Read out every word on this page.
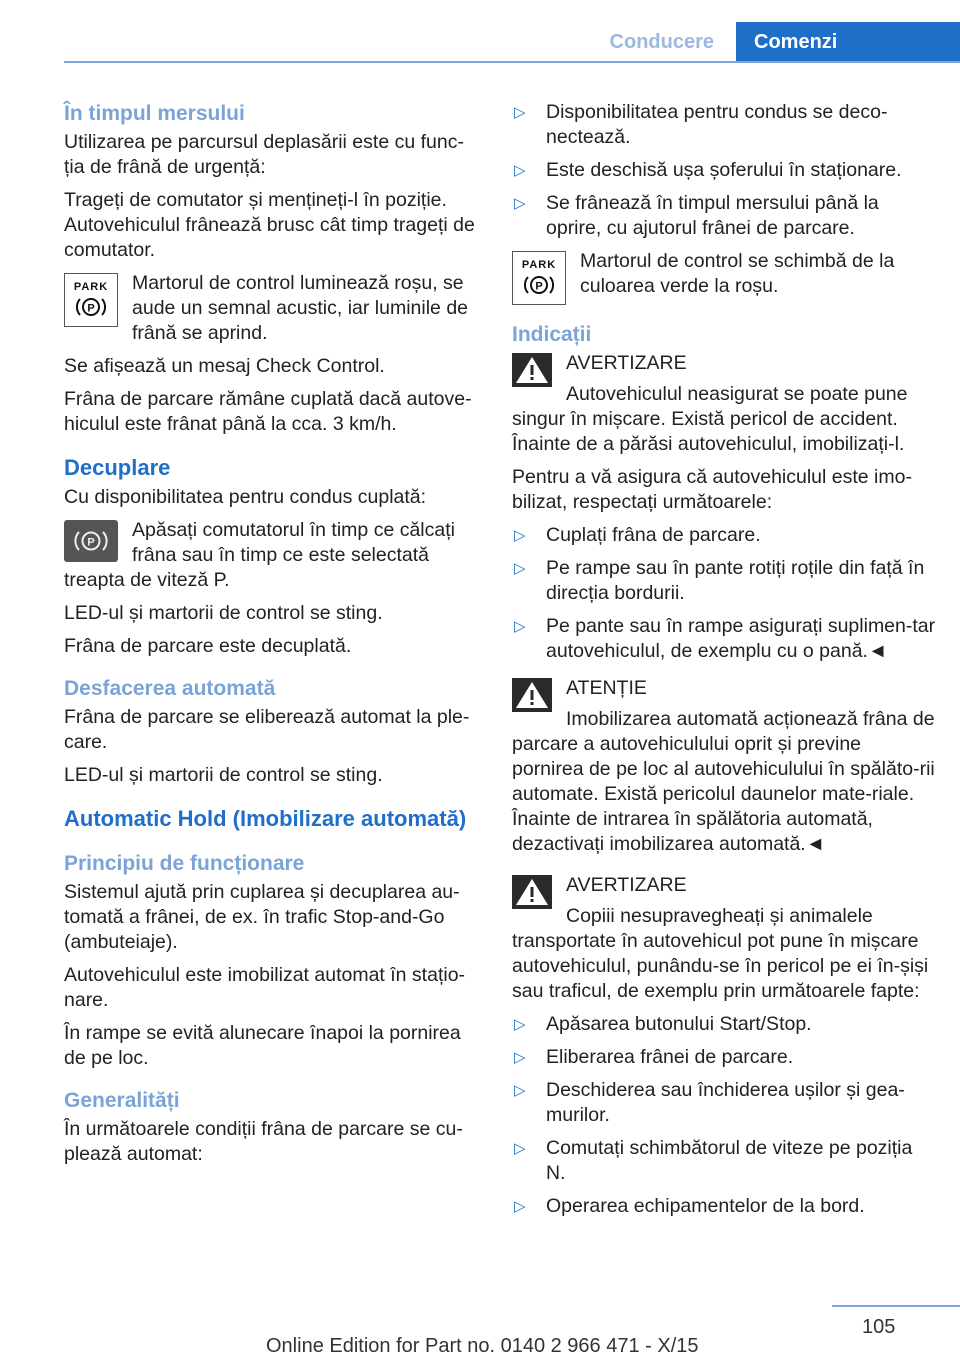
Conducere	Comenzi
În timpul mersului

Utilizarea pe parcursul deplasării este cu func-ția de frână de urgență:

Trageți de comutator și mențineți-l în poziție. Autovehiculul frânează brusc cât timp trageți de comutator.

PARK
P
Martorul de control luminează roșu, se aude un semnal acustic, iar luminile de frână se aprind.

Se afișează un mesaj Check Control.

Frâna de parcare rămâne cuplată dacă autove-hiculul este frânat până la cca. 3 km/h.

Decuplare

Cu disponibilitatea pentru condus cuplată:

P

Apăsați comutatorul în timp ce călcați frâna sau în timp ce este selectată treapta de viteză P.

LED-ul și martorii de control se sting.

Frâna de parcare este decuplată.

Desfacerea automată

Frâna de parcare se eliberează automat la ple-care.

LED-ul și martorii de control se sting.

Automatic Hold (Imobilizare automată)
Principiu de funcționare

Sistemul ajută prin cuplarea și decuplarea au-tomată a frânei, de ex. în trafic Stop-and-Go (ambuteiaje).

Autovehiculul este imobilizat automat în stațio-nare.

În rampe se evită alunecare înapoi la pornirea de pe loc.

Generalități

În următoarele condiții frâna de parcare se cu-plează automat:

▷ Disponibilitatea pentru condus se deco-nectează.
▷ Este deschisă ușa șoferului în staționare.
▷ Se frânează în timpul mersului până la oprire, cu ajutorul frânei de parcare.
PARK
P
Martorul de control se schimbă de la culoarea verde la roșu.
Indicații
AVERTIZARE

Autovehiculul neasigurat se poate pune singur în mișcare. Există pericol de accident. Înainte de a părăsi autovehiculul, imobilizați-l.

Pentru a vă asigura că autovehiculul este imo-bilizat, respectați următoarele:

▷ Cuplați frâna de parcare.
▷ Pe rampe sau în pante rotiți roțile din față în direcția bordurii.
▷ Pe pante sau în rampe asigurați suplimen-tar autovehiculul, de exemplu cu o pană.◄
ATENȚIE

Imobilizarea automată acționează frâna de parcare a autovehiculului oprit și previne pornirea de pe loc al autovehiculului în spălăto-rii automate. Există pericolul daunelor mate-riale. Înainte de intrarea în spălătoria automată, dezactivați imobilizarea automată.◄

AVERTIZARE

Copiii nesupravegheați și animalele transportate în autovehicul pot pune în mișcare autovehiculul, punându-se în pericol pe ei în-șiși sau traficul, de exemplu prin următoarele fapte:

▷ Apăsarea butonului Start/Stop.
▷ Eliberarea frânei de parcare.
▷ Deschiderea sau închiderea ușilor și gea-murilor.
▷ Comutați schimbătorul de viteze pe poziția N.
▷ Operarea echipamentelor de la bord.
105
Online Edition for Part no. 0140 2 966 471 - X/15
